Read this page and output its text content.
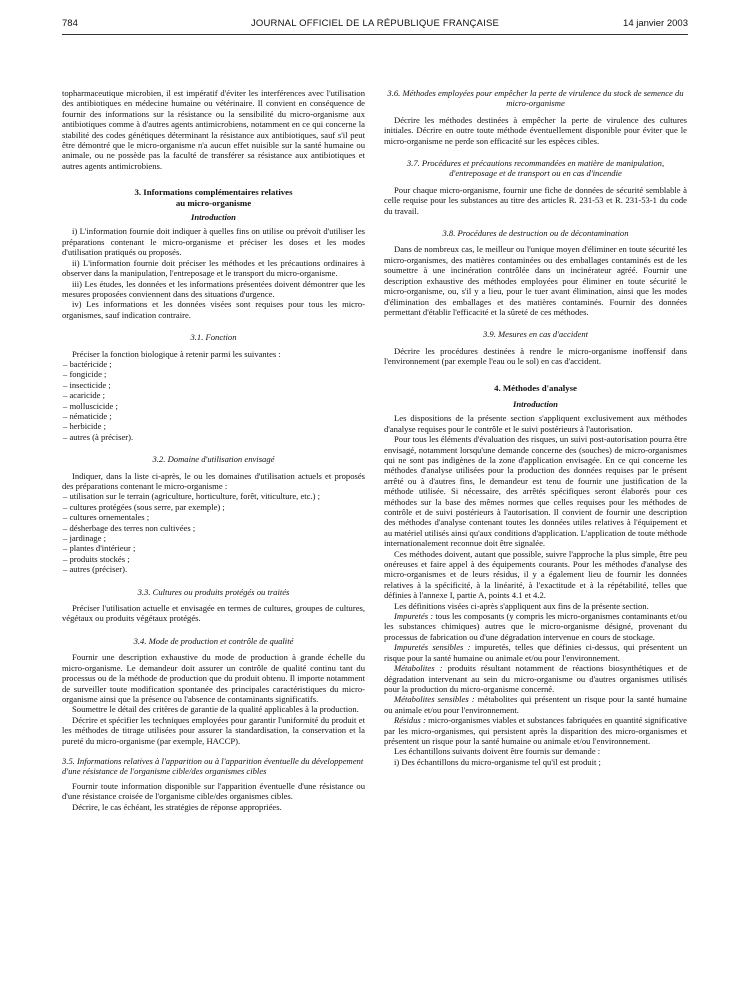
784	JOURNAL OFFICIEL DE LA RÉPUBLIQUE FRANÇAISE	14 janvier 2003

topharmaceutique microbien, il est impératif d'éviter les interférences avec l'utilisation des antibiotiques en médecine humaine ou vétérinaire. Il convient en conséquence de fournir des informations sur la résistance ou la sensibilité du micro-organisme aux antibiotiques comme à d'autres agents antimicrobiens, notamment en ce qui concerne la stabilité des codes génétiques déterminant la résistance aux antibiotiques, sauf s'il peut être démontré que le micro-organisme n'a aucun effet nuisible sur la santé humaine ou animale, ou ne possède pas la faculté de transférer sa résistance aux antibiotiques et autres agents antimicrobiens.

3. Informations complémentaires relatives
au micro-organisme
Introduction

i) L'information fournie doit indiquer à quelles fins on utilise ou prévoit d'utiliser les préparations contenant le micro-organisme et préciser les doses et les modes d'utilisation pratiqués ou proposés.

ii) L'information fournie doit préciser les méthodes et les précautions ordinaires à observer dans la manipulation, l'entreposage et le transport du micro-organisme.

iii) Les études, les données et les informations présentées doivent démontrer que les mesures proposées conviennent dans des situations d'urgence.

iv) Les informations et les données visées sont requises pour tous les micro-organismes, sauf indication contraire.

3.1. Fonction

Préciser la fonction biologique à retenir parmi les suivantes :

– bactéricide ;
– fongicide ;
– insecticide ;
– acaricide ;
– molluscicide ;
– nématicide ;
– herbicide ;
– autres (à préciser).
3.2. Domaine d'utilisation envisagé

Indiquer, dans la liste ci-après, le ou les domaines d'utilisation actuels et proposés des préparations contenant le micro-organisme :

– utilisation sur le terrain (agriculture, horticulture, forêt, viticulture, etc.) ;
– cultures protégées (sous serre, par exemple) ;
– cultures ornementales ;
– désherbage des terres non cultivées ;
– jardinage ;
– plantes d'intérieur ;
– produits stockés ;
– autres (préciser).
3.3. Cultures ou produits protégés ou traités

Préciser l'utilisation actuelle et envisagée en termes de cultures, groupes de cultures, végétaux ou produits végétaux protégés.

3.4. Mode de production et contrôle de qualité

Fournir une description exhaustive du mode de production à grande échelle du micro-organisme. Le demandeur doit assurer un contrôle de qualité continu tant du processus ou de la méthode de production que du produit obtenu. Il importe notamment de surveiller toute modification spontanée des principales caractéristiques du micro-organisme ainsi que la présence ou l'absence de contaminants significatifs.

Soumettre le détail des critères de garantie de la qualité applicables à la production.

Décrire et spécifier les techniques employées pour garantir l'uniformité du produit et les méthodes de titrage utilisées pour assurer la standardisation, la conservation et la pureté du micro-organisme (par exemple, HACCP).

3.5. Informations relatives à l'apparition ou à l'apparition éventuelle du développement d'une résistance de l'organisme cible/des organismes cibles

Fournir toute information disponible sur l'apparition éventuelle d'une résistance ou d'une résistance croisée de l'organisme cible/des organismes cibles.

Décrire, le cas échéant, les stratégies de réponse appropriées.

3.6. Méthodes employées pour empêcher la perte de virulence du stock de semence du micro-organisme

Décrire les méthodes destinées à empêcher la perte de virulence des cultures initiales. Décrire en outre toute méthode éventuellement disponible pour éviter que le micro-organisme ne perde son efficacité sur les espèces cibles.

3.7. Procédures et précautions recommandées en matière de manipulation, d'entreposage et de transport ou en cas d'incendie

Pour chaque micro-organisme, fournir une fiche de données de sécurité semblable à celle requise pour les substances au titre des articles R. 231-53 et R. 231-53-1 du code du travail.

3.8. Procédures de destruction ou de décontamination

Dans de nombreux cas, le meilleur ou l'unique moyen d'éliminer en toute sécurité les micro-organismes, des matières contaminées ou des emballages contaminés est de les soumettre à une incinération contrôlée dans un incinérateur agréé. Fournir une description exhaustive des méthodes employées pour éliminer en toute sécurité le micro-organisme, ou, s'il y a lieu, pour le tuer avant élimination, ainsi que les modes d'élimination des emballages et des matières contaminés. Fournir des données permettant d'établir l'efficacité et la sûreté de ces méthodes.

3.9. Mesures en cas d'accident

Décrire les procédures destinées à rendre le micro-organisme inoffensif dans l'environnement (par exemple l'eau ou le sol) en cas d'accident.

4. Méthodes d'analyse
Introduction

Les dispositions de la présente section s'appliquent exclusivement aux méthodes d'analyse requises pour le contrôle et le suivi postérieurs à l'autorisation.

Pour tous les éléments d'évaluation des risques, un suivi post-autorisation pourra être envisagé, notamment lorsqu'une demande concerne des (souches) de micro-organismes qui ne sont pas indigènes de la zone d'application envisagée. En ce qui concerne les méthodes d'analyse utilisées pour la production des données requises par le présent arrêté ou à d'autres fins, le demandeur est tenu de fournir une justification de la méthode utilisée. Si nécessaire, des arrêtés spécifiques seront élaborés pour ces méthodes sur la base des mêmes normes que celles requises pour les méthodes de contrôle et de suivi postérieurs à l'autorisation. Il convient de fournir une description des méthodes d'analyse contenant toutes les données utiles relatives à l'équipement et au matériel utilisés ainsi qu'aux conditions d'application. L'application de toute méthode internationalement reconnue doit être signalée.

Ces méthodes doivent, autant que possible, suivre l'approche la plus simple, être peu onéreuses et faire appel à des équipements courants. Pour les méthodes d'analyse des micro-organismes et de leurs résidus, il y a également lieu de fournir les données relatives à la spécificité, à la linéarité, à l'exactitude et à la répétabilité, telles que définies à l'annexe I, partie A, points 4.1 et 4.2.

Les définitions visées ci-après s'appliquent aux fins de la présente section.

Impuretés : tous les composants (y compris les micro-organismes contaminants et/ou les substances chimiques) autres que le micro-organisme désigné, provenant du processus de fabrication ou d'une dégradation intervenue en cours de stockage.

Impuretés sensibles : impuretés, telles que définies ci-dessus, qui présentent un risque pour la santé humaine ou animale et/ou pour l'environnement.

Métabolites : produits résultant notamment de réactions biosynthétiques et de dégradation intervenant au sein du micro-organisme ou d'autres organismes utilisés pour la production du micro-organisme concerné.

Métabolites sensibles : métabolites qui présentent un risque pour la santé humaine ou animale et/ou pour l'environnement.

Résidus : micro-organismes viables et substances fabriquées en quantité significative par les micro-organismes, qui persistent après la disparition des micro-organismes et présentent un risque pour la santé humaine ou animale et/ou l'environnement.

Les échantillons suivants doivent être fournis sur demande :

i) Des échantillons du micro-organisme tel qu'il est produit ;
